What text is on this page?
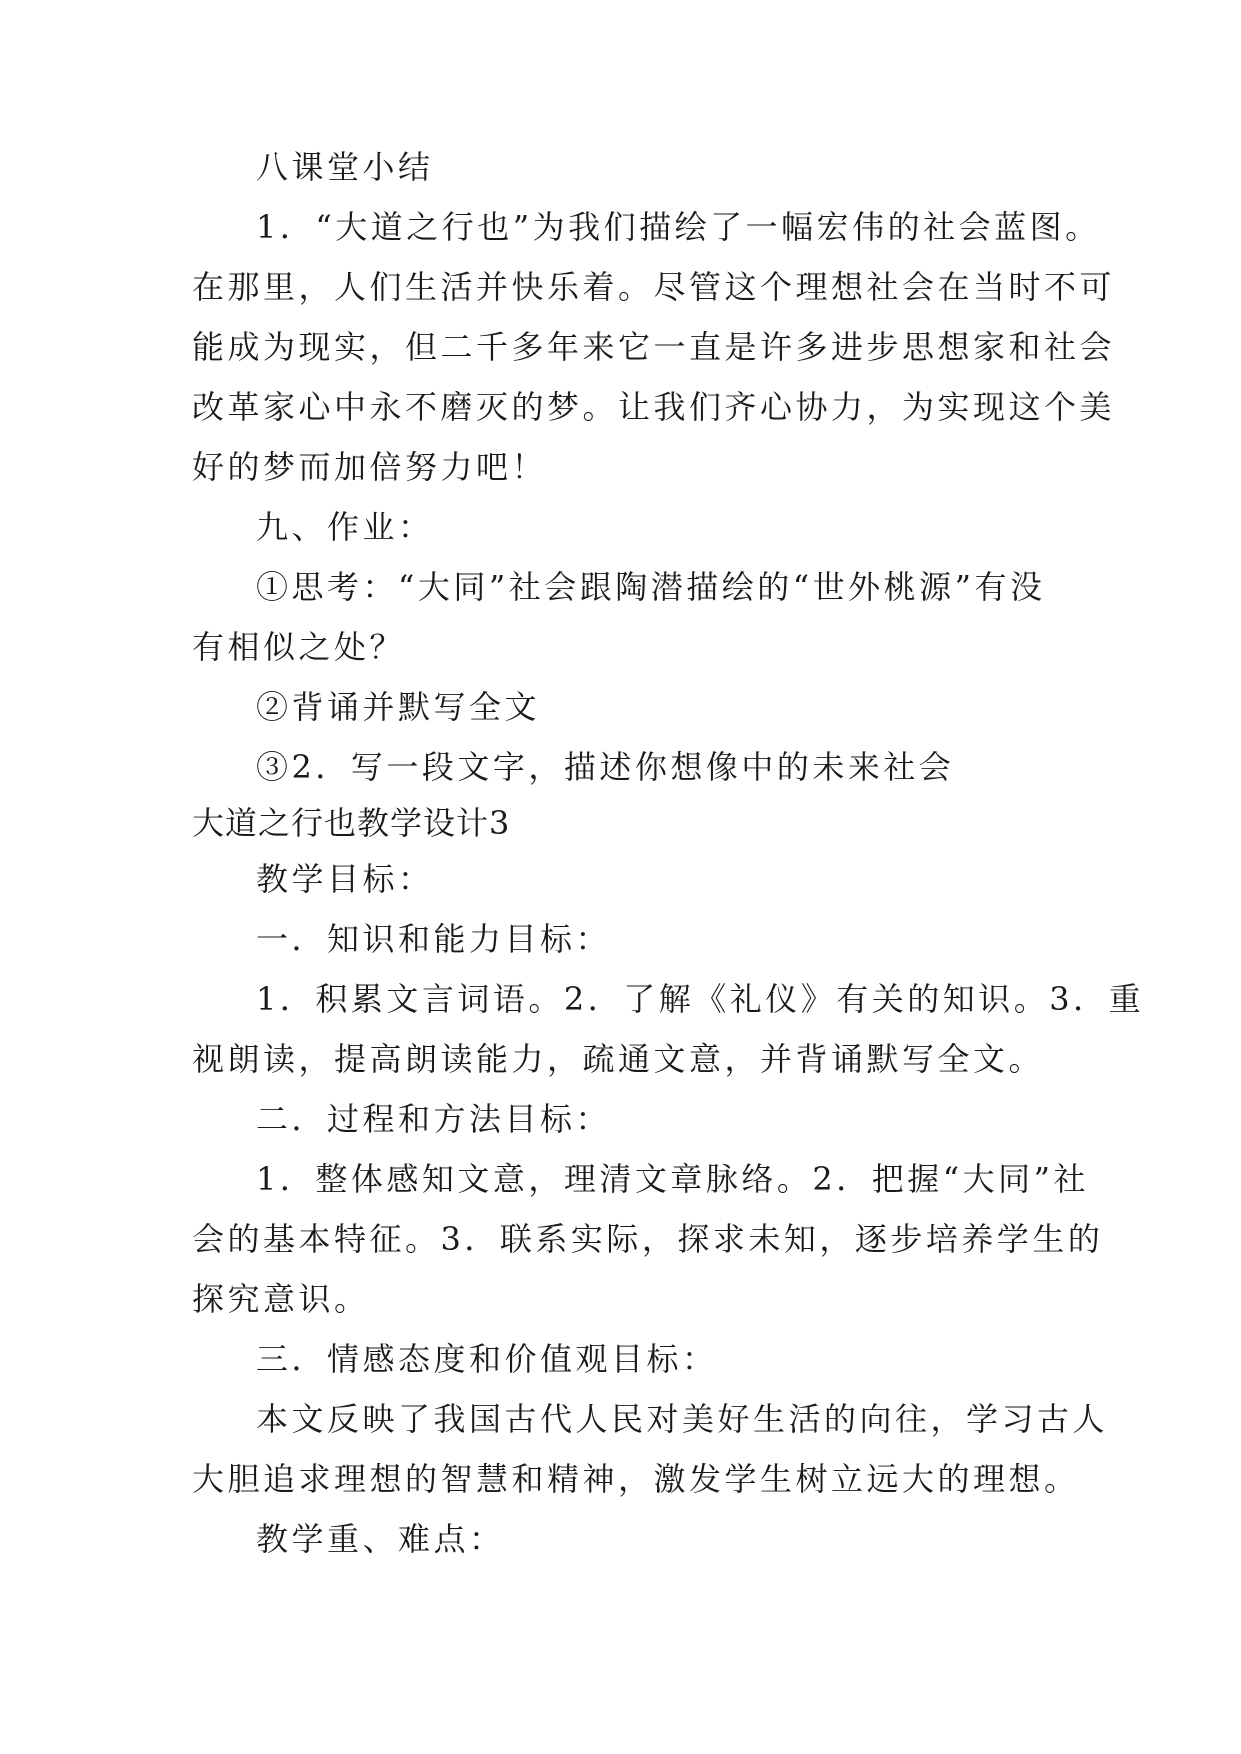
八课堂小结
1．“大道之行也”为我们描绘了一幅宏伟的社会蓝图。
在那里，人们生活并快乐着。尽管这个理想社会在当时不可
能成为现实，但二千多年来它一直是许多进步思想家和社会
改革家心中永不磨灭的梦。让我们齐心协力，为实现这个美
好的梦而加倍努力吧！
九、作业：
①思考：“大同”社会跟陶潜描绘的“世外桃源”有没
有相似之处？
②背诵并默写全文
③2．写一段文字，描述你想像中的未来社会
大道之行也教学设计3
教学目标：
一．知识和能力目标：
1．积累文言词语。2．了解《礼仪》有关的知识。3．重
视朗读，提高朗读能力，疏通文意，并背诵默写全文。
二．过程和方法目标：
1．整体感知文意，理清文章脉络。2．把握“大同”社
会的基本特征。3．联系实际，探求未知，逐步培养学生的
探究意识。
三．情感态度和价值观目标：
本文反映了我国古代人民对美好生活的向往，学习古人
大胆追求理想的智慧和精神，激发学生树立远大的理想。
教学重、难点：
